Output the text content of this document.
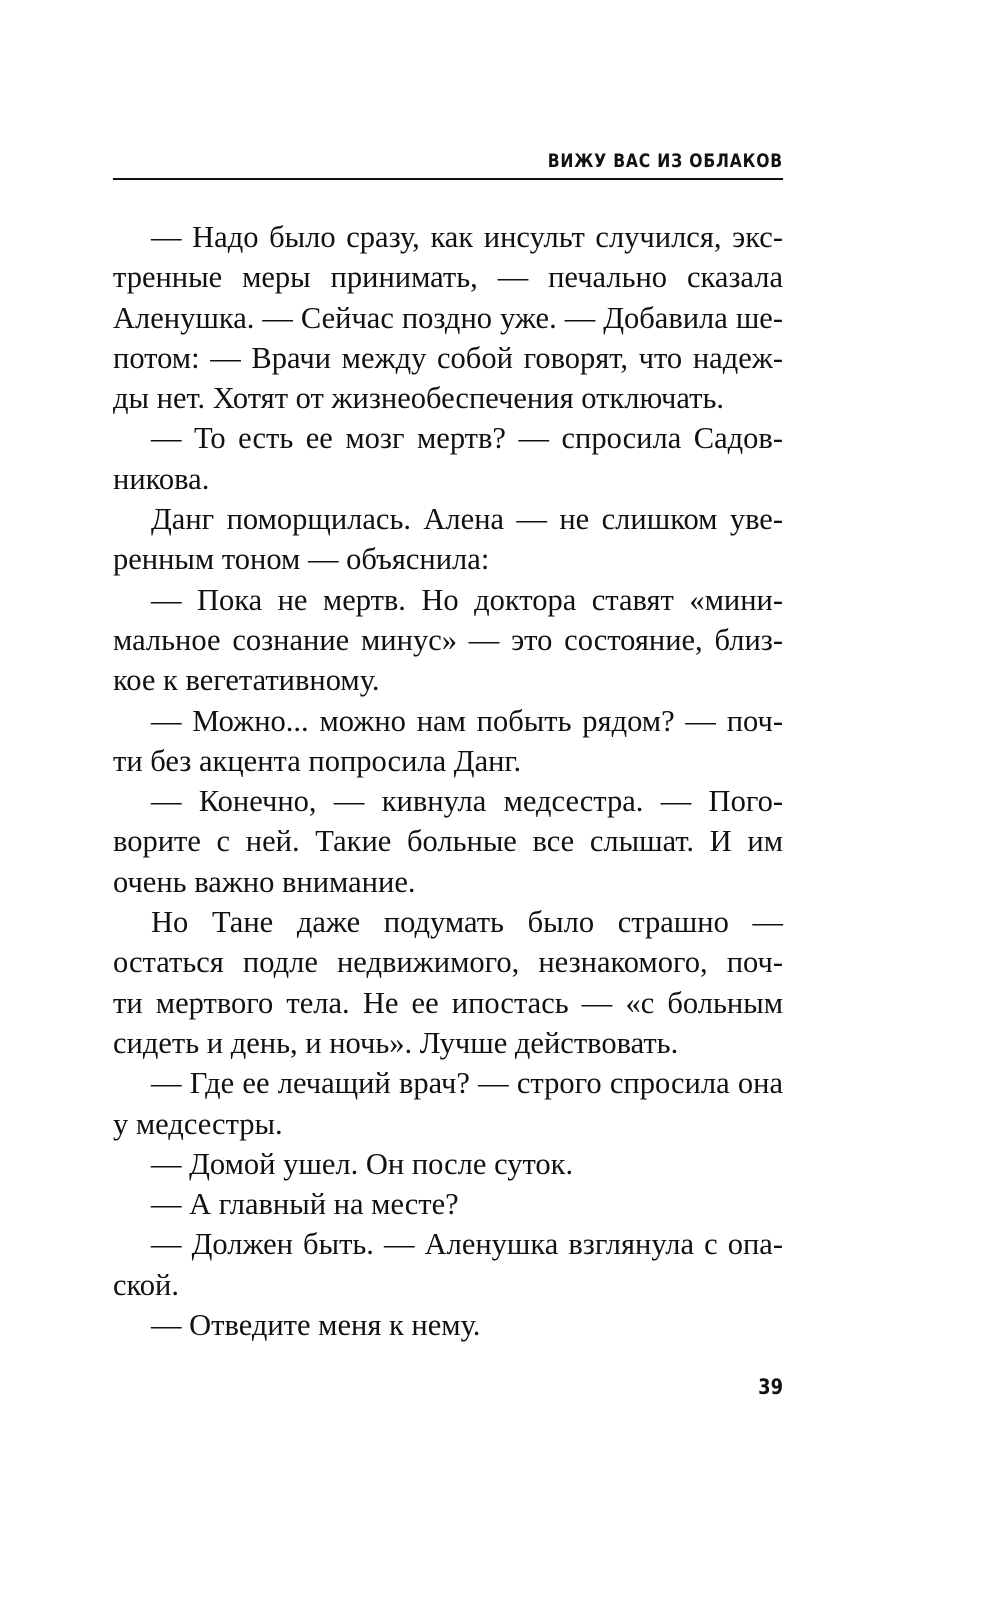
ВИЖУ ВАС ИЗ ОБЛАКОВ
— Надо было сразу, как инсульт случился, экс-
тренные меры принимать, — печально сказала
Аленушка. — Сейчас поздно уже. — Добавила ше-
потом: — Врачи между собой говорят, что надеж-
ды нет. Хотят от жизнеобеспечения отключать.
— То есть ее мозг мертв? — спросила Садов-
никова.
Данг поморщилась. Алена — не слишком уве-
ренным тоном — объяснила:
— Пока не мертв. Но доктора ставят «мини-
мальное сознание минус» — это состояние, близ-
кое к вегетативному.
— Можно... можно нам побыть рядом? — поч-
ти без акцента попросила Данг.
— Конечно, — кивнула медсестра. — Пого-
ворите с ней. Такие больные все слышат. И им
очень важно внимание.
Но Тане даже подумать было страшно —
остаться подле недвижимого, незнакомого, поч-
ти мертвого тела. Не ее ипостась — «с больным
сидеть и день, и ночь». Лучше действовать.
— Где ее лечащий врач? — строго спросила она
у медсестры.
— Домой ушел. Он после суток.
— А главный на месте?
— Должен быть. — Аленушка взглянула с опа-
ской.
— Отведите меня к нему.
39
